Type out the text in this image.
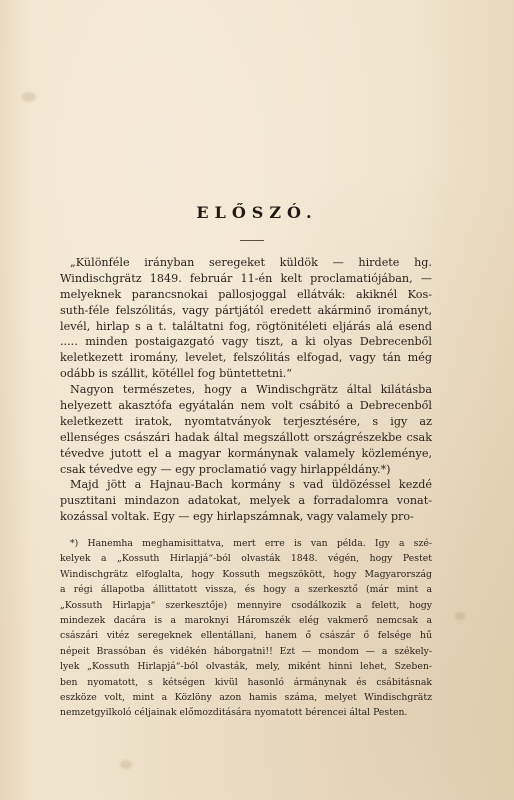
ELŐSZÓ.
„Különféle irányban seregeket küldök — hirdete hg.
Windischgrätz 1849. február 11-én kelt proclamatiójában, —
melyeknek parancsnokai pallosjoggal ellátvák: akiknél Kos-
suth-féle felszólitás, vagy pártjától eredett akárminő irományt,
levél, hirlap s a t. találtatni fog, rögtönitéleti eljárás alá esend
..... minden postaigazgató vagy tiszt, a ki olyas Debrecenből
keletkezett iromány, levelet, felszólitás elfogad, vagy tán még
odább is szállit, kötéllel fog büntettetni.“
Nagyon természetes, hogy a Windischgrätz által kilátásba
helyezett akasztófa egyátalán nem volt csábitó a Debrecenből
keletkezett iratok, nyomtatványok terjesztésére, s igy az
ellenséges császári hadak által megszállott országrészekbe csak
tévedve jutott el a magyar kormánynak valamely közleménye,
csak tévedve egy — egy proclamatió vagy hirlappéldány.*)
Majd jött a Hajnau-Bach kormány s vad üldözéssel kezdé
pusztitani mindazon adatokat, melyek a forradalomra vonat-
kozással voltak. Egy — egy hirlapszámnak, vagy valamely pro-
*) Hanemha meghamisittatva, mert erre is van példa. Igy a szé-
kelyek a „Kossuth Hirlapjá“-ból olvasták 1848. végén, hogy Pestet
Windischgrätz elfoglalta, hogy Kossuth megszökött, hogy Magyarország
a régi állapotba állittatott vissza, és hogy a szerkesztő (már mint a
„Kossuth Hirlapja“ szerkesztője) mennyire csodálkozik a felett, hogy
mindezek dacára is a maroknyi Háromszék elég vakmerő nemcsak a
császári vitéz seregeknek ellentállani, hanem ő császár ő felsége hű
népeit Brassóban és vidékén háborgatni!! Ezt — mondom — a székely-
lyek „Kossuth Hirlapjá“-ból olvasták, mely, miként hinni lehet, Szeben-
ben nyomatott, s kétségen kivül hasonló ármánynak és csábitásnak
eszköze volt, mint a Közlöny azon hamis száma, melyet Windischgrätz
nemzetgyilkoló céljainak előmozditására nyomatott bérencei által Pesten.
